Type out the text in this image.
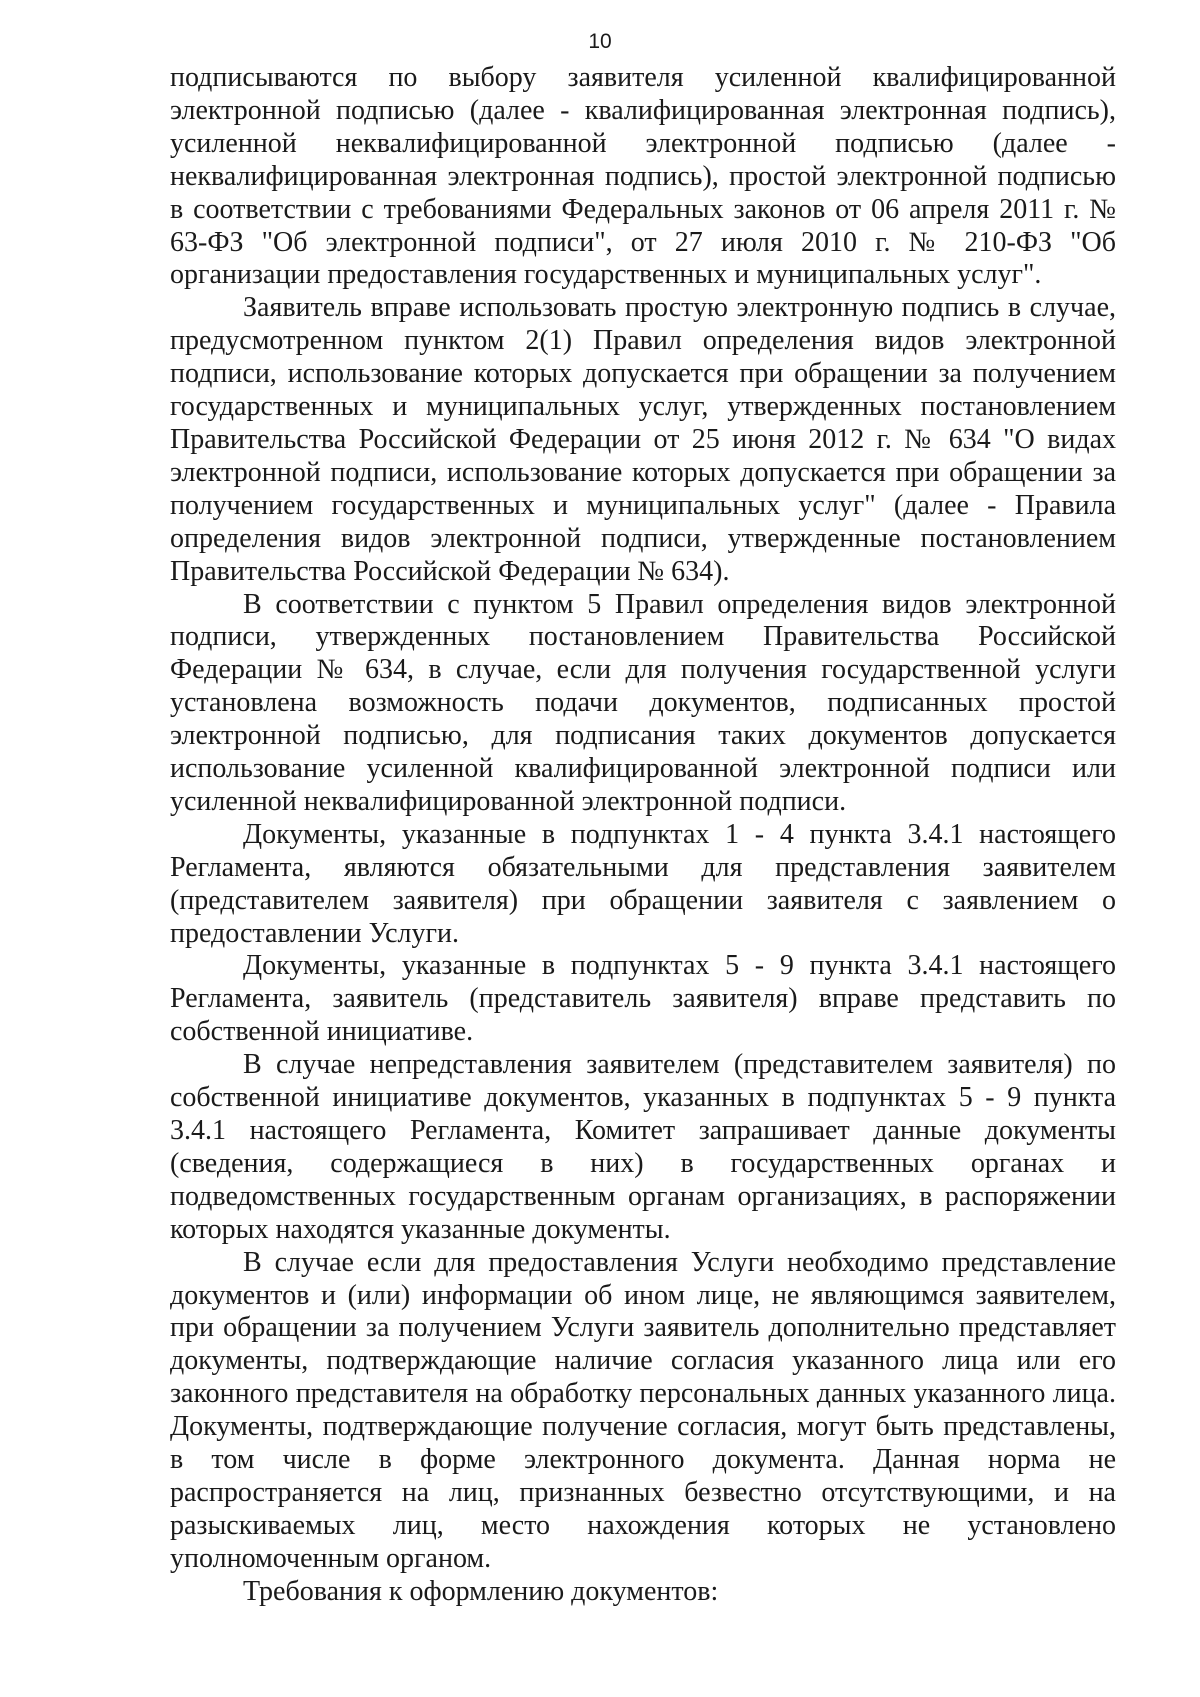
10

подписываются по выбору заявителя усиленной квалифицированной электронной подписью (далее - квалифицированная электронная подпись), усиленной неквалифицированной электронной подписью (далее - неквалифицированная электронная подпись), простой электронной подписью в соответствии с требованиями Федеральных законов от 06 апреля 2011 г. № 63-ФЗ "Об электронной подписи", от 27 июля 2010 г. № 210-ФЗ "Об организации предоставления государственных и муниципальных услуг".

Заявитель вправе использовать простую электронную подпись в случае, предусмотренном пунктом 2(1) Правил определения видов электронной подписи, использование которых допускается при обращении за получением государственных и муниципальных услуг, утвержденных постановлением Правительства Российской Федерации от 25 июня 2012 г. № 634 "О видах электронной подписи, использование которых допускается при обращении за получением государственных и муниципальных услуг" (далее - Правила определения видов электронной подписи, утвержденные постановлением Правительства Российской Федерации № 634).

В соответствии с пунктом 5 Правил определения видов электронной подписи, утвержденных постановлением Правительства Российской Федерации № 634, в случае, если для получения государственной услуги установлена возможность подачи документов, подписанных простой электронной подписью, для подписания таких документов допускается использование усиленной квалифицированной электронной подписи или усиленной неквалифицированной электронной подписи.

Документы, указанные в подпунктах 1 - 4 пункта 3.4.1 настоящего Регламента, являются обязательными для представления заявителем (представителем заявителя) при обращении заявителя с заявлением о предоставлении Услуги.

Документы, указанные в подпунктах 5 - 9 пункта 3.4.1 настоящего Регламента, заявитель (представитель заявителя) вправе представить по собственной инициативе.

В случае непредставления заявителем (представителем заявителя) по собственной инициативе документов, указанных в подпунктах 5 - 9 пункта 3.4.1 настоящего Регламента, Комитет запрашивает данные документы (сведения, содержащиеся в них) в государственных органах и подведомственных государственным органам организациях, в распоряжении которых находятся указанные документы.

В случае если для предоставления Услуги необходимо представление документов и (или) информации об ином лице, не являющимся заявителем, при обращении за получением Услуги заявитель дополнительно представляет документы, подтверждающие наличие согласия указанного лица или его законного представителя на обработку персональных данных указанного лица. Документы, подтверждающие получение согласия, могут быть представлены, в том числе в форме электронного документа. Данная норма не распространяется на лиц, признанных безвестно отсутствующими, и на разыскиваемых лиц, место нахождения которых не установлено уполномоченным органом.

Требования к оформлению документов:
